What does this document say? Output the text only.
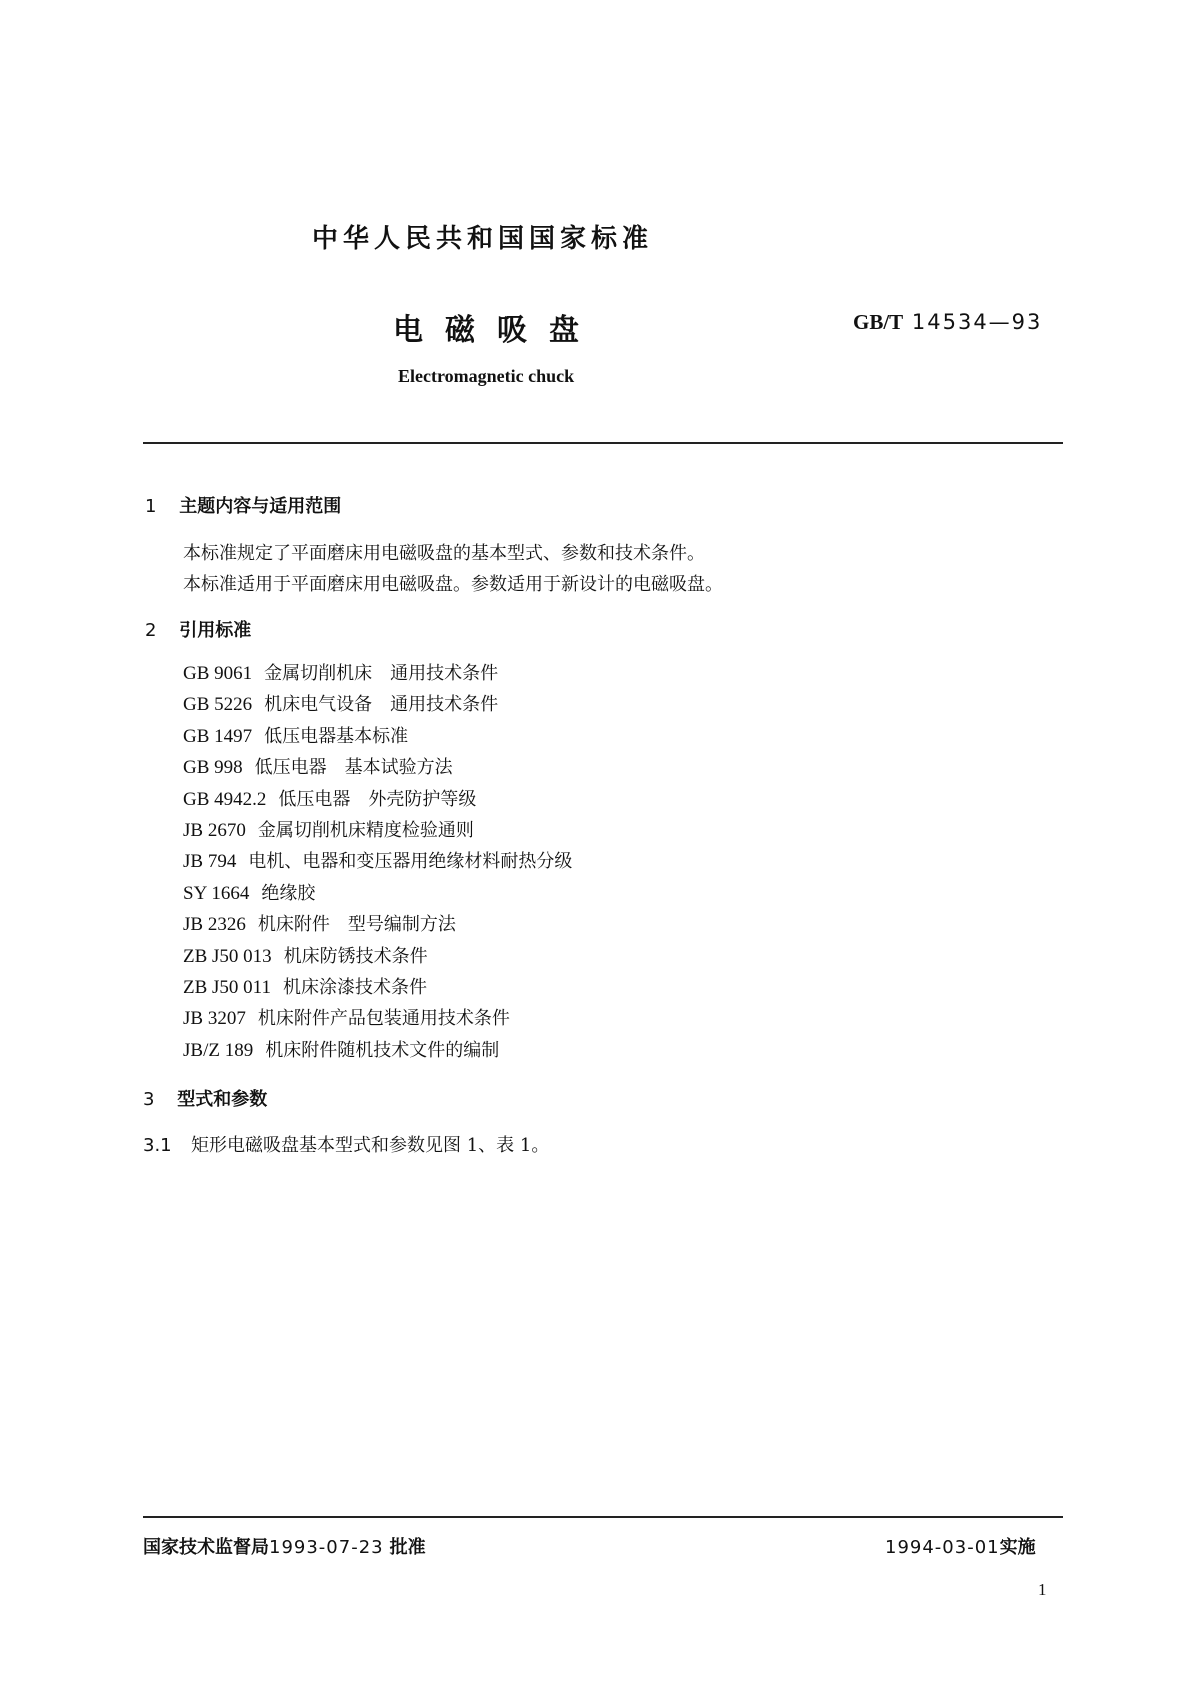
中华人民共和国国家标准
电磁吸盘	GB/T 14534—93
Electromagnetic chuck
1 主题内容与适用范围
本标准规定了平面磨床用电磁吸盘的基本型式、参数和技术条件。
本标准适用于平面磨床用电磁吸盘。参数适用于新设计的电磁吸盘。
2 引用标准
GB 9061 金属切削机床　通用技术条件
GB 5226 机床电气设备　通用技术条件
GB 1497 低压电器基本标准
GB 998 低压电器　基本试验方法
GB 4942.2 低压电器　外壳防护等级
JB 2670 金属切削机床精度检验通则
JB 794 电机、电器和变压器用绝缘材料耐热分级
SY 1664 绝缘胶
JB 2326 机床附件　型号编制方法
ZB J50 013 机床防锈技术条件
ZB J50 011 机床涂漆技术条件
JB 3207 机床附件产品包装通用技术条件
JB/Z 189 机床附件随机技术文件的编制
3 型式和参数
3.1 矩形电磁吸盘基本型式和参数见图 1、表 1。
国家技术监督局1993-07-23 批准	1994-03-01实施
1
